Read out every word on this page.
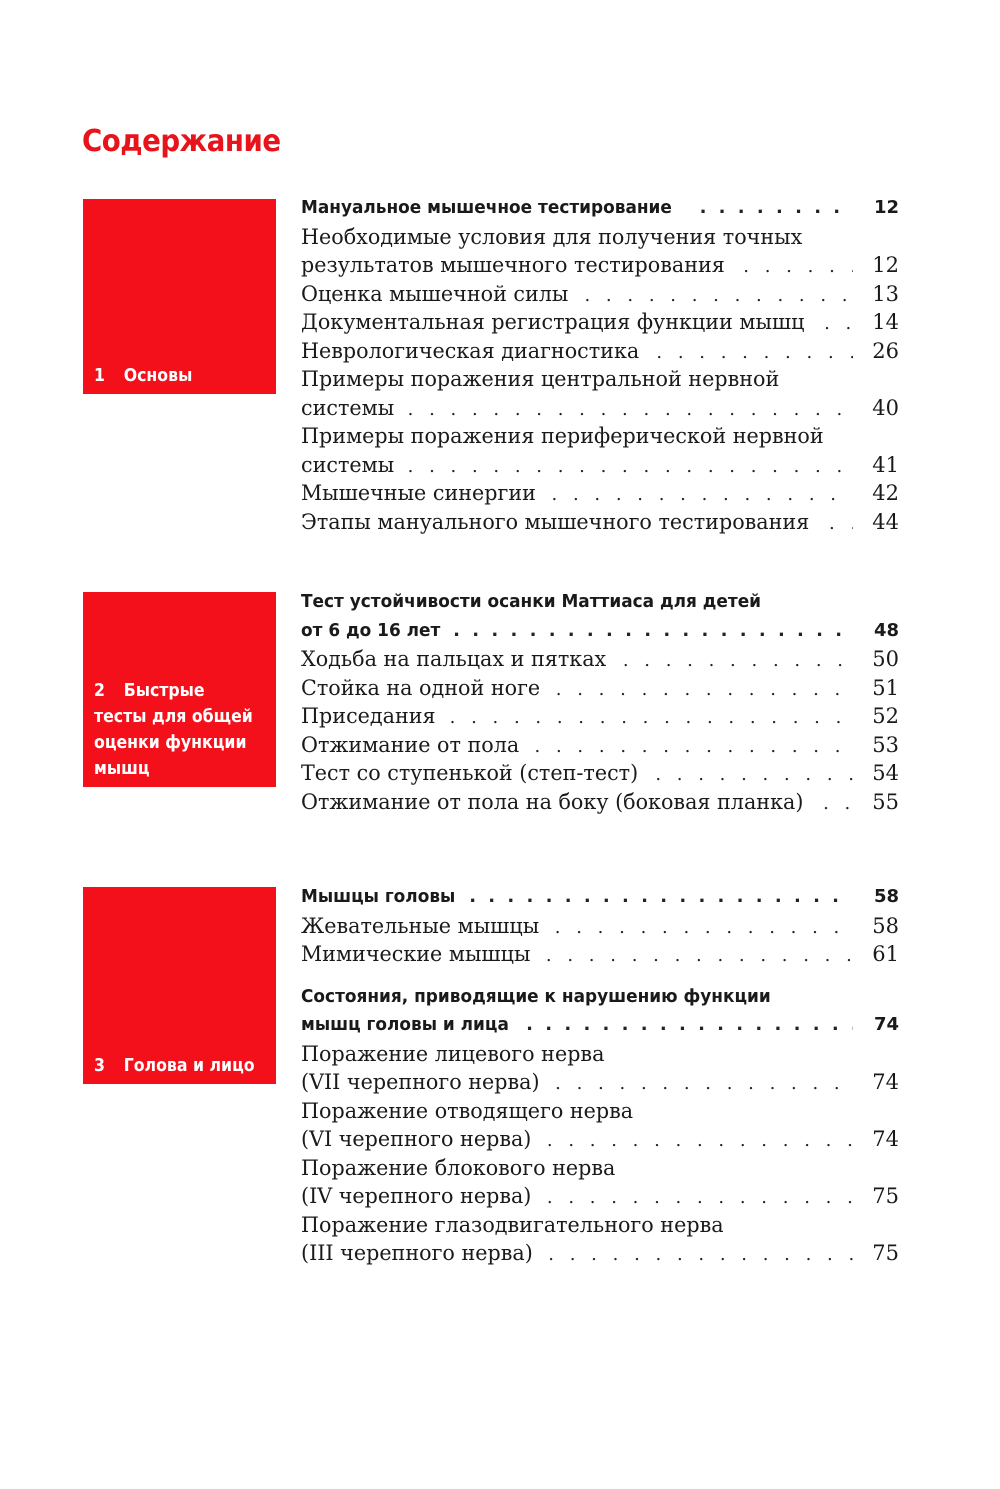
Содержание
1 Основы
Мануальное мышечное тестирование . . .	12
Необходимые условия для получения точных
результатов мышечного тестирования . . .	12
Оценка мышечной силы . . .	13
Документальная регистрация функции мышц . . .	14
Неврологическая диагностика . . .	26
Примеры поражения центральной нервной
системы . . .	40
Примеры поражения периферической нервной
системы . . .	41
Мышечные синергии . . .	42
Этапы мануального мышечного тестирования . . .	44
2 Быстрые
тесты для общей
оценки функции
мышц
Тест устойчивости осанки Маттиаса для детей
от 6 до 16 лет . . .	48
Ходьба на пальцах и пятках . . .	50
Стойка на одной ноге . . .	51
Приседания . . .	52
Отжимание от пола . . .	53
Тест со ступенькой (степ-тест) . . .	54
Отжимание от пола на боку (боковая планка) . . .	55
3 Голова и лицо
Мышцы головы . . .	58
Жевательные мышцы . . .	58
Мимические мышцы . . .	61
Состояния, приводящие к нарушению функции
мышц головы и лица . . .	74
Поражение лицевого нерва
(VII черепного нерва) . . .	74
Поражение отводящего нерва
(VI черепного нерва) . . .	74
Поражение блокового нерва
(IV черепного нерва) . . .	75
Поражение глазодвигательного нерва
(III черепного нерва) . . .	75
